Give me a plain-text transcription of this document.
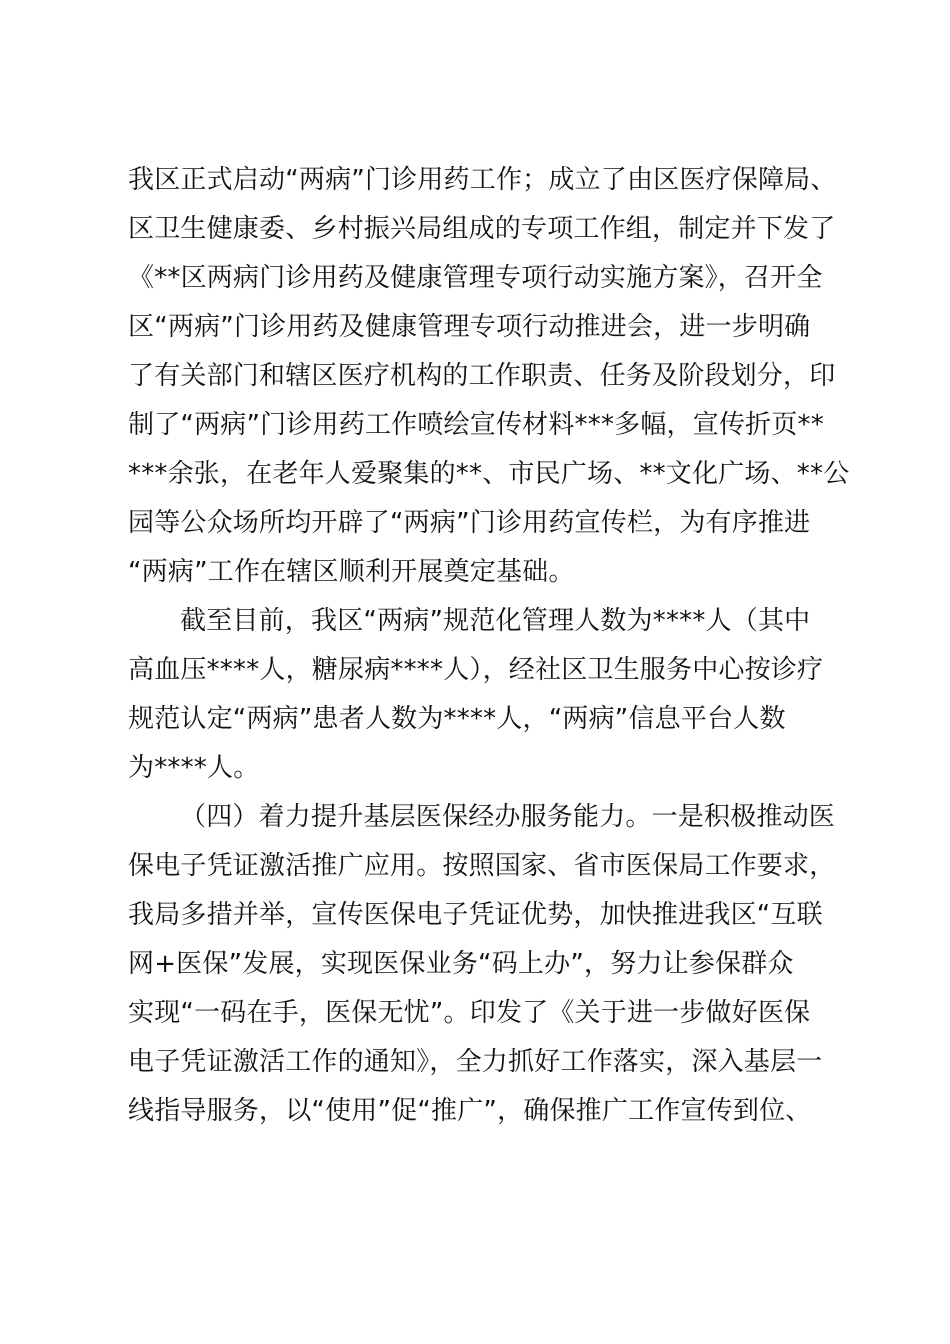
我区正式启动“两病”门诊用药工作；成立了由区医疗保障局、
区卫生健康委、乡村振兴局组成的专项工作组，制定并下发了
《**区两病门诊用药及健康管理专项行动实施方案》，召开全
区“两病”门诊用药及健康管理专项行动推进会，进一步明确
了有关部门和辖区医疗机构的工作职责、任务及阶段划分，印
制了“两病”门诊用药工作喷绘宣传材料***多幅，宣传折页**
***余张，在老年人爱聚集的**、市民广场、**文化广场、**公
园等公众场所均开辟了“两病”门诊用药宣传栏，为有序推进
“两病”工作在辖区顺利开展奠定基础。
截至目前，我区“两病”规范化管理人数为****人（其中
高血压****人，糖尿病****人），经社区卫生服务中心按诊疗
规范认定“两病”患者人数为****人，“两病”信息平台人数
为****人。
（四）着力提升基层医保经办服务能力。一是积极推动医
保电子凭证激活推广应用。按照国家、省市医保局工作要求，
我局多措并举，宣传医保电子凭证优势，加快推进我区“互联
网+医保”发展，实现医保业务“码上办”，努力让参保群众
实现“一码在手，医保无忧”。印发了《关于进一步做好医保
电子凭证激活工作的通知》，全力抓好工作落实，深入基层一
线指导服务，以“使用”促“推广”，确保推广工作宣传到位、
